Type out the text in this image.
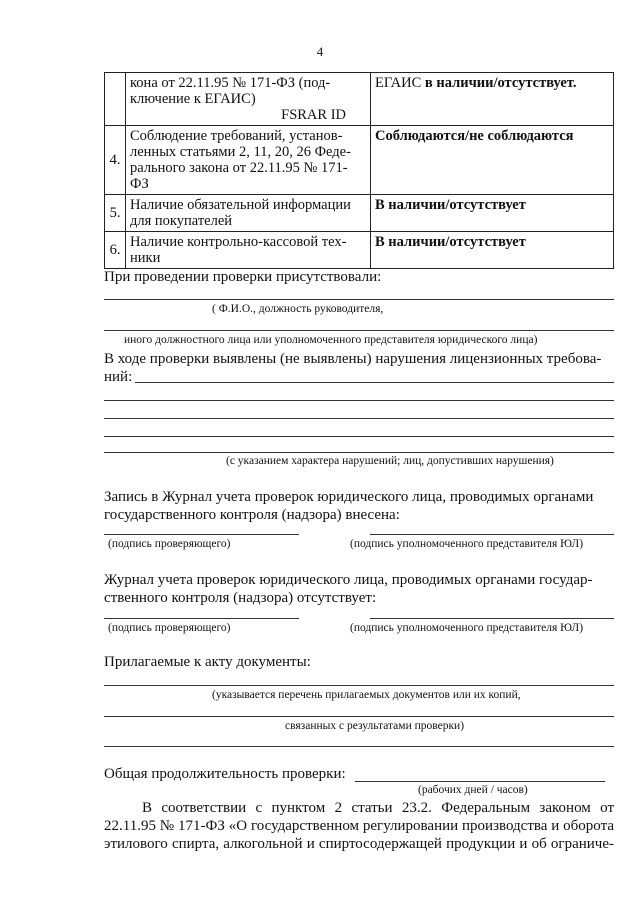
4

	кона от 22.11.95 № 171-ФЗ (под-
ключение к ЕГАИС)
FSRAR ID	ЕГАИС в наличии/отсутствует.
4.	Соблюдение требований, установ-
ленных статьями 2, 11, 20, 26 Феде-
рального закона от 22.11.95 № 171-
ФЗ	Соблюдаются/не соблюдаются
5.	Наличие обязательной информации
для покупателей	В наличии/отсутствует
6.	Наличие контрольно-кассовой тех-
ники	В наличии/отсутствует
При проведении проверки присутствовали:
( Ф.И.О., должность руководителя,
иного должностного лица или уполномоченного представителя юридического лица)
В ходе проверки выявлены (не выявлены) нарушения лицензионных требова-
ний:
(с указанием характера нарушений; лиц, допустивших нарушения)
Запись в Журнал учета проверок юридического лица, проводимых органами
государственного контроля (надзора) внесена:
(подпись проверяющего)	(подпись уполномоченного представителя ЮЛ)
Журнал учета проверок юридического лица, проводимых органами государ-
ственного контроля (надзора) отсутствует:
(подпись проверяющего)	(подпись уполномоченного представителя ЮЛ)
Прилагаемые к акту документы:
(указывается перечень прилагаемых документов или их копий,
связанных с результатами проверки)
Общая продолжительность проверки:
(рабочих дней / часов)
В соответствии с пунктом 2 статьи 23.2. Федеральным законом от
22.11.95 № 171-ФЗ «О государственном регулировании производства и оборота
этилового спирта, алкогольной и спиртосодержащей продукции и об ограниче-
